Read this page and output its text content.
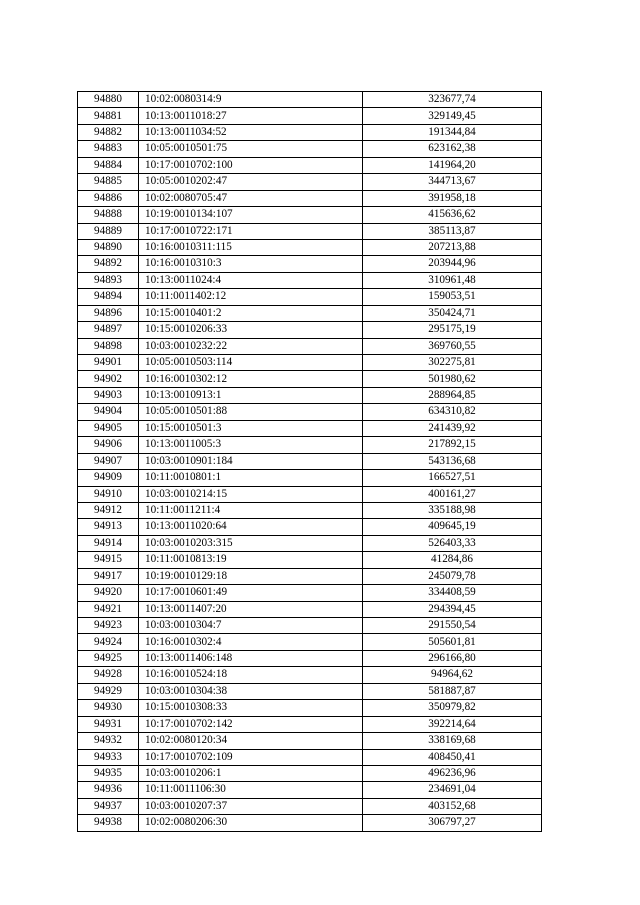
94880	10:02:0080314:9	323677,74
94881	10:13:0011018:27	329149,45
94882	10:13:0011034:52	191344,84
94883	10:05:0010501:75	623162,38
94884	10:17:0010702:100	141964,20
94885	10:05:0010202:47	344713,67
94886	10:02:0080705:47	391958,18
94888	10:19:0010134:107	415636,62
94889	10:17:0010722:171	385113,87
94890	10:16:0010311:115	207213,88
94892	10:16:0010310:3	203944,96
94893	10:13:0011024:4	310961,48
94894	10:11:0011402:12	159053,51
94896	10:15:0010401:2	350424,71
94897	10:15:0010206:33	295175,19
94898	10:03:0010232:22	369760,55
94901	10:05:0010503:114	302275,81
94902	10:16:0010302:12	501980,62
94903	10:13:0010913:1	288964,85
94904	10:05:0010501:88	634310,82
94905	10:15:0010501:3	241439,92
94906	10:13:0011005:3	217892,15
94907	10:03:0010901:184	543136,68
94909	10:11:0010801:1	166527,51
94910	10:03:0010214:15	400161,27
94912	10:11:0011211:4	335188,98
94913	10:13:0011020:64	409645,19
94914	10:03:0010203:315	526403,33
94915	10:11:0010813:19	41284,86
94917	10:19:0010129:18	245079,78
94920	10:17:0010601:49	334408,59
94921	10:13:0011407:20	294394,45
94923	10:03:0010304:7	291550,54
94924	10:16:0010302:4	505601,81
94925	10:13:0011406:148	296166,80
94928	10:16:0010524:18	94964,62
94929	10:03:0010304:38	581887,87
94930	10:15:0010308:33	350979,82
94931	10:17:0010702:142	392214,64
94932	10:02:0080120:34	338169,68
94933	10:17:0010702:109	408450,41
94935	10:03:0010206:1	496236,96
94936	10:11:0011106:30	234691,04
94937	10:03:0010207:37	403152,68
94938	10:02:0080206:30	306797,27
